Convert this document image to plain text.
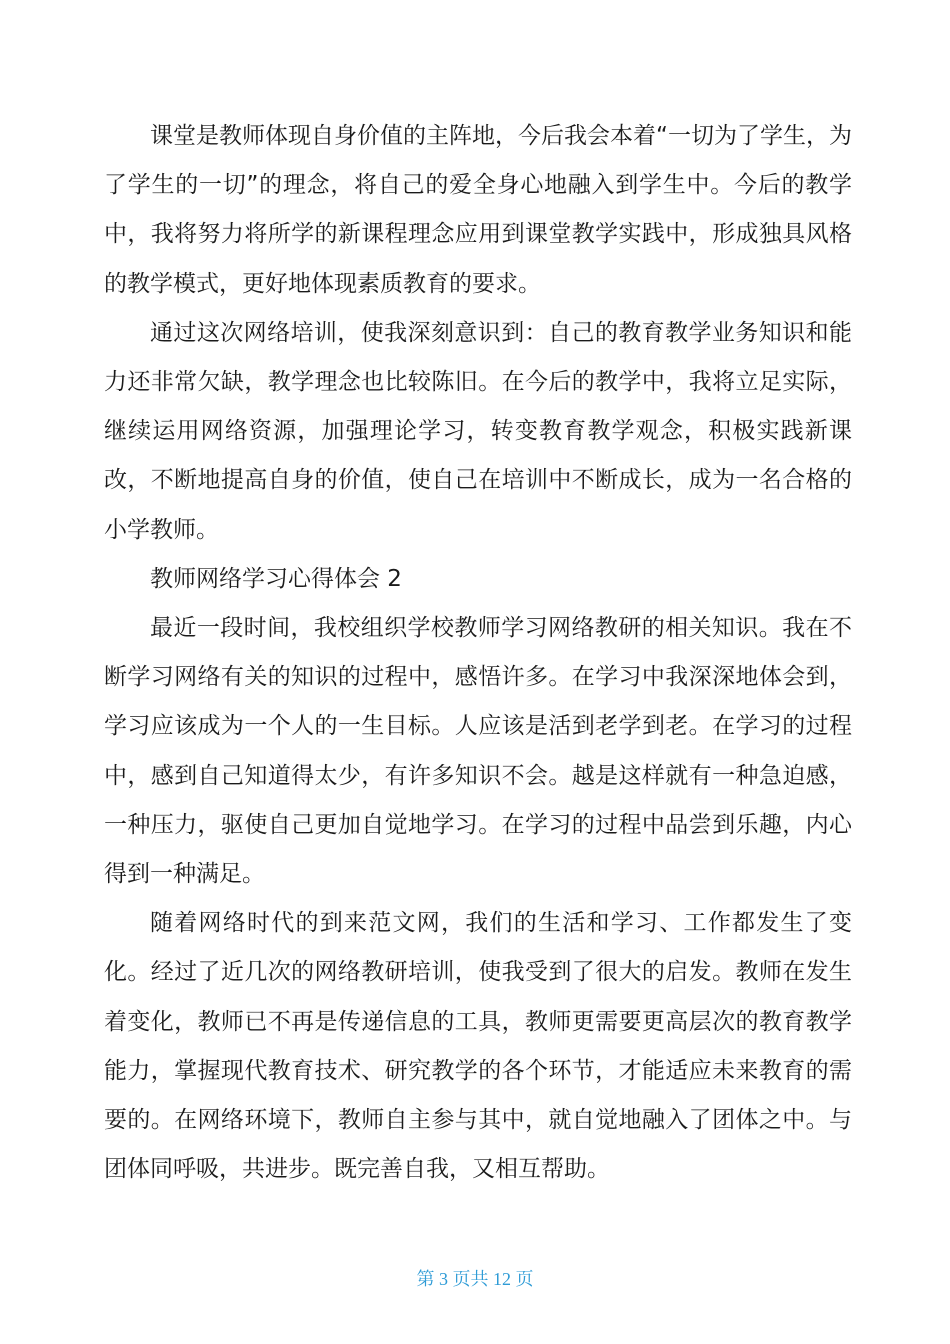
课堂是教师体现自身价值的主阵地，今后我会本着“一切为了学生，为了学生的一切”的理念，将自己的爱全身心地融入到学生中。今后的教学中，我将努力将所学的新课程理念应用到课堂教学实践中，形成独具风格的教学模式，更好地体现素质教育的要求。

通过这次网络培训，使我深刻意识到：自己的教育教学业务知识和能力还非常欠缺，教学理念也比较陈旧。在今后的教学中，我将立足实际，继续运用网络资源，加强理论学习，转变教育教学观念，积极实践新课改，不断地提高自身的价值，使自己在培训中不断成长，成为一名合格的小学教师。

教师网络学习心得体会 2

最近一段时间，我校组织学校教师学习网络教研的相关知识。我在不断学习网络有关的知识的过程中，感悟许多。在学习中我深深地体会到，学习应该成为一个人的一生目标。人应该是活到老学到老。在学习的过程中，感到自己知道得太少，有许多知识不会。越是这样就有一种急迫感，一种压力，驱使自己更加自觉地学习。在学习的过程中品尝到乐趣，内心得到一种满足。

随着网络时代的到来范文网，我们的生活和学习、工作都发生了变化。经过了近几次的网络教研培训，使我受到了很大的启发。教师在发生着变化，教师已不再是传递信息的工具，教师更需要更高层次的教育教学能力，掌握现代教育技术、研究教学的各个环节，才能适应未来教育的需要的。在网络环境下，教师自主参与其中，就自觉地融入了团体之中。与团体同呼吸，共进步。既完善自我，又相互帮助。

第 3 页共 12 页
